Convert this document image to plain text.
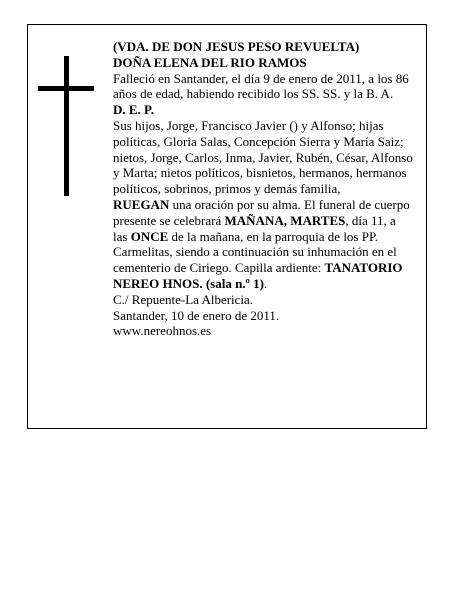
(VDA. DE DON JESUS PESO REVUELTA)

DOÑA ELENA DEL RIO RAMOS

Falleció en Santander, el día 9 de enero de 2011, a los 86 años de edad, habiendo recibido los SS. SS. y la B. A.

D. E. P.

Sus hijos, Jorge, Francisco Javier () y Alfonso; hijas políticas, Gloria Salas, Concepción Sierra y María Saiz; nietos, Jorge, Carlos, Inma, Javier, Rubén, César, Alfonso y Marta; nietos políticos, bisnietos, hermanos, hermanos políticos, sobrinos, primos y demás familia,
RUEGAN una oración por su alma. El funeral de cuerpo presente se celebrará MAÑANA, MARTES, día 11, a las ONCE de la mañana, en la parroquia de los PP. Carmelitas, siendo a continuación su inhumación en el cementerio de Ciriego. Capilla ardiente: TANATORIO NEREO HNOS. (sala n.º 1).

C./ Repuente-La Albericia.

Santander, 10 de enero de 2011.

www.nereohnos.es
